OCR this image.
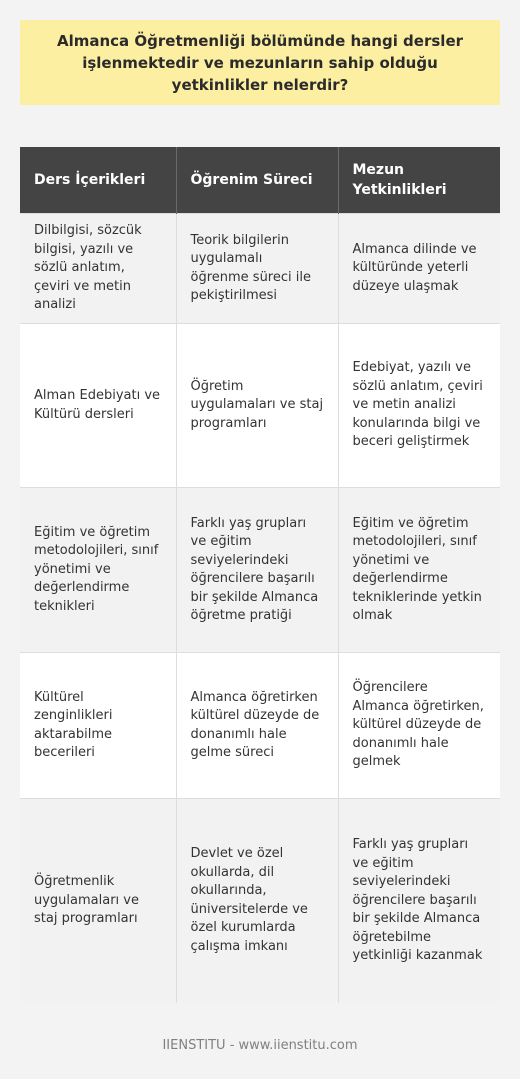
Almanca Öğretmenliği bölümünde hangi dersler işlenmektedir ve mezunların sahip olduğu yetkinlikler nelerdir?

Ders İçerikleri	Öğrenim Süreci	Mezun Yetkinlikleri
Dilbilgisi, sözcük bilgisi, yazılı ve sözlü anlatım, çeviri ve metin analizi	Teorik bilgilerin uygulamalı öğrenme süreci ile pekiştirilmesi	Almanca dilinde ve kültüründe yeterli düzeye ulaşmak
Alman Edebiyatı ve Kültürü dersleri	Öğretim uygulamaları ve staj programları	Edebiyat, yazılı ve sözlü anlatım, çeviri ve metin analizi konularında bilgi ve beceri geliştirmek
Eğitim ve öğretim metodolojileri, sınıf yönetimi ve değerlendirme teknikleri	Farklı yaş grupları ve eğitim seviyelerindeki öğrencilere başarılı bir şekilde Almanca öğretme pratiği	Eğitim ve öğretim metodolojileri, sınıf yönetimi ve değerlendirme tekniklerinde yetkin olmak
Kültürel zenginlikleri aktarabilme becerileri	Almanca öğretirken kültürel düzeyde de donanımlı hale gelme süreci	Öğrencilere Almanca öğretirken, kültürel düzeyde de donanımlı hale gelmek
Öğretmenlik uygulamaları ve staj programları	Devlet ve özel okullarda, dil okullarında, üniversitelerde ve özel kurumlarda çalışma imkanı	Farklı yaş grupları ve eğitim seviyelerindeki öğrencilere başarılı bir şekilde Almanca öğretebilme yetkinliği kazanmak

IIENSTITU - www.iienstitu.com
